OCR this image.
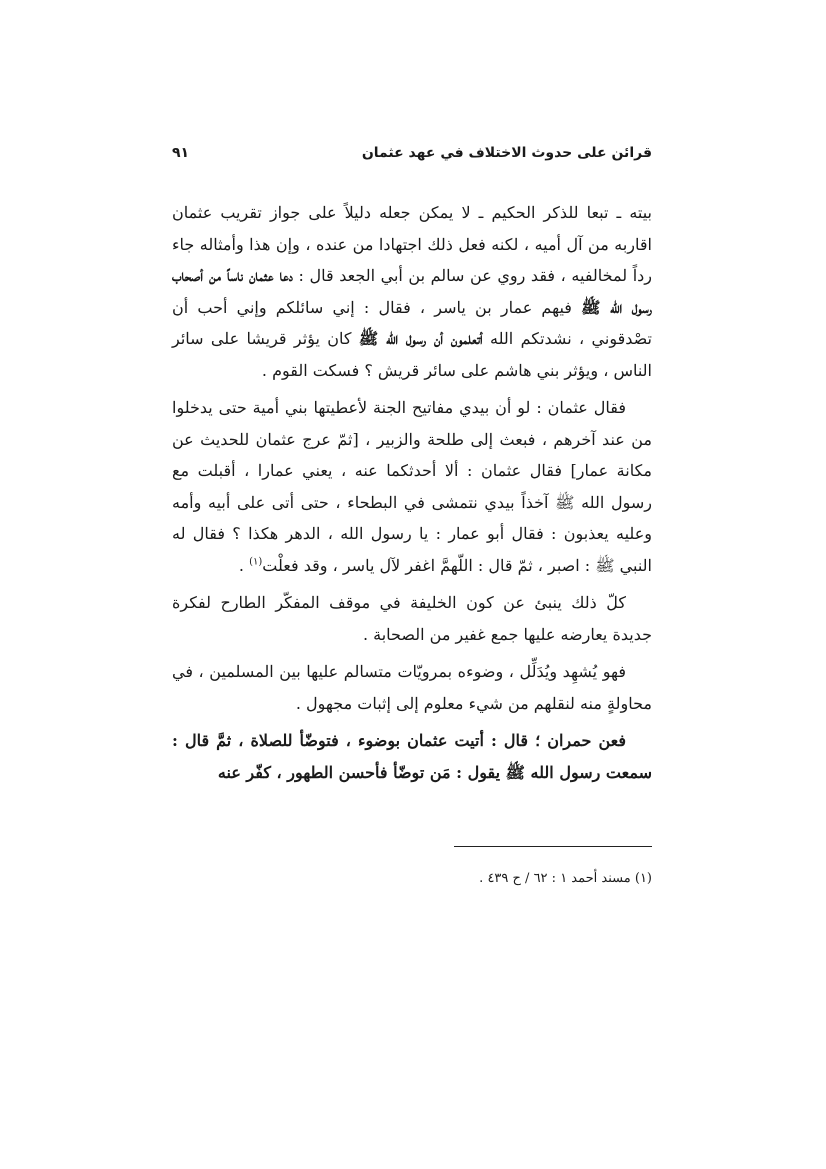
قرائن على حدوث الاختلاف في عهد عثمان
٩١

بيته ـ تبعا للذكر الحكيم ـ لا يمكن جعله دليلاً على جواز تقريب عثمان اقاربه من آل أميه ، لكنه فعل ذلك اجتهادا من عنده ، وإن هذا وأمثاله جاء رداً لمخالفيه ، فقد روي عن سالم بن أبي الجعد قال : دعا عثمان ناساً من أصحاب رسول الله ﷺ فيهم عمار بن ياسر ، فقال : إني سائلكم وإني أحب أن تصْدقوني ، نشدتكم الله أتعلمون أن رسول الله ﷺ كان يؤثر قريشا على سائر الناس ، ويؤثر بني هاشم على سائر قريش ؟ فسكت القوم .

فقال عثمان : لو أن بيدي مفاتيح الجنة لأعطيتها بني أمية حتى يدخلوا من عند آخرهم ، فبعث إلى طلحة والزبير ، [ثمّ عرج عثمان للحديث عن مكانة عمار] فقال عثمان : ألا أحدثكما عنه ، يعني عمارا ، أقبلت مع رسول الله ﷺ آخذاً بيدي نتمشى في البطحاء ، حتى أتى على أبيه وأمه وعليه يعذبون : فقال أبو عمار : يا رسول الله ، الدهر هكذا ؟ فقال له النبي ﷺ : اصبر ، ثمّ قال : اللّهمَّ اغفر لآل ياسر ، وقد فعلْت$^{(١)}$ .

كلّ ذلك ينبئ عن كون الخليفة في موقف المفكّر الطارح لفكرة جديدة يعارضه عليها جمع غفير من الصحابة .

فهو يُشهِد ويُدَلِّل ، وضوءه بمرويّات متسالم عليها بين المسلمين ، في محاولةٍ منه لنقلهم من شيء معلوم إلى إثبات مجهول .

فعن حمران ؛ قال : أتيت عثمان بوضوء ، فتوضّأ للصلاة ، ثمَّ قال : سمعت رسول الله ﷺ يقول : مَن توضّأ فأحسن الطهور ، كفّر عنه

(١) مسند أحمد ١ : ٦٢ / ح ٤٣٩ .
